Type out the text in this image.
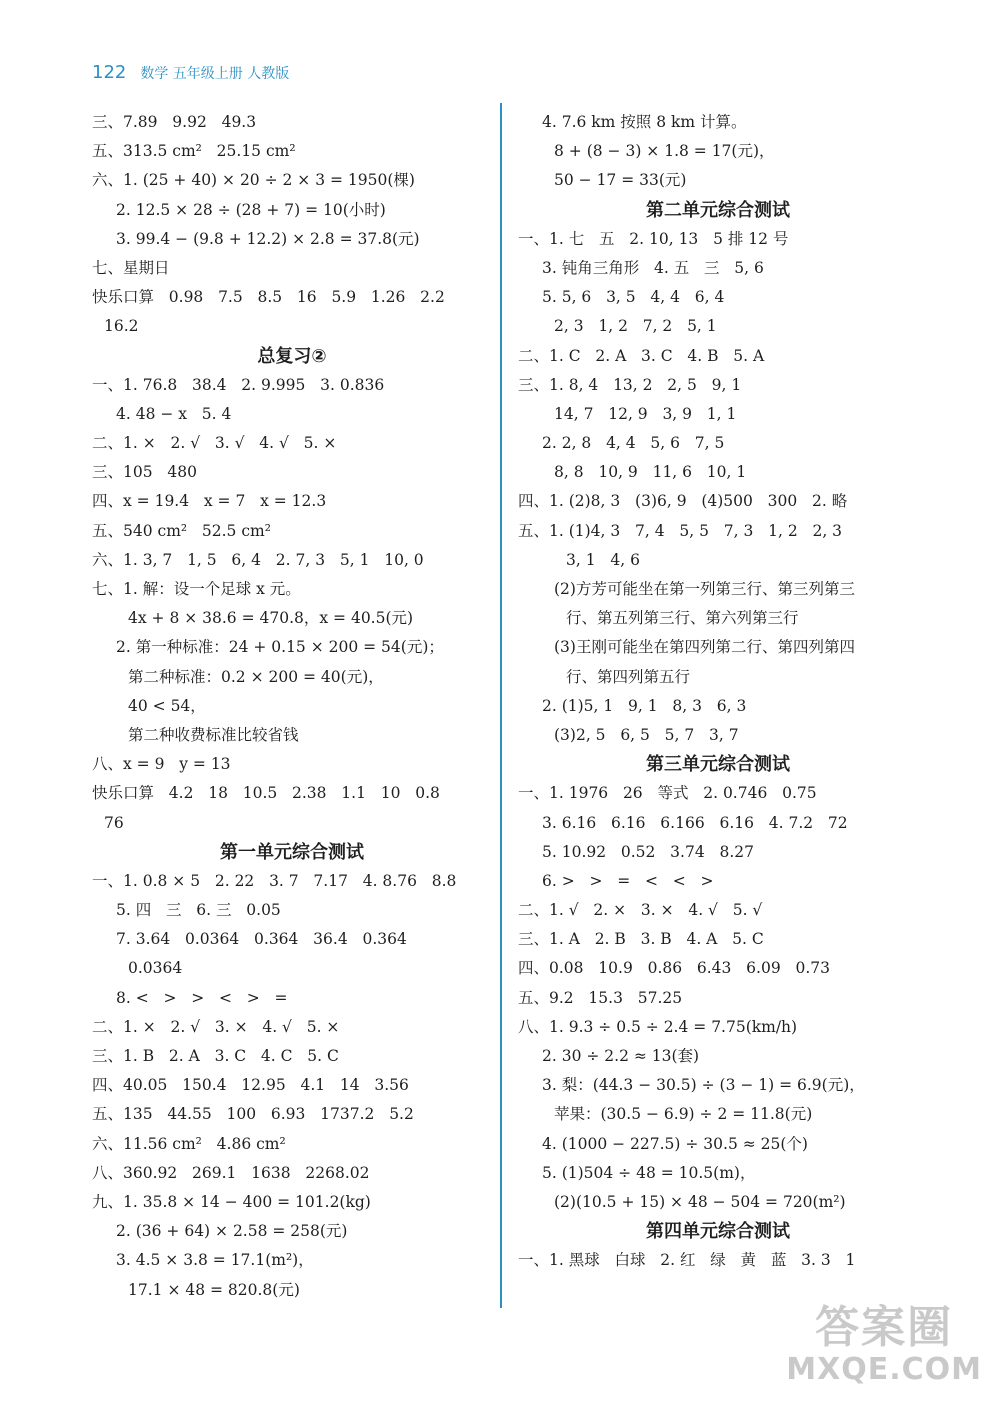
122 数学 五年级上册 人教版
三、7.89   9.92   49.3
五、313.5 cm²   25.15 cm²
六、1. (25 + 40) × 20 ÷ 2 × 3 = 1950(棵)
2. 12.5 × 28 ÷ (28 + 7) = 10(小时)
3. 99.4 − (9.8 + 12.2) × 2.8 = 37.8(元)
七、星期日
快乐口算   0.98   7.5   8.5   16   5.9   1.26   2.2
16.2
总复习②
一、1. 76.8   38.4   2. 9.995   3. 0.836
4. 48 − x   5. 4
二、1. ×   2. √   3. √   4. √   5. ×
三、105   480
四、x = 19.4   x = 7   x = 12.3
五、540 cm²   52.5 cm²
六、1. 3, 7   1, 5   6, 4   2. 7, 3   5, 1   10, 0
七、1. 解：设一个足球 x 元。
4x + 8 × 38.6 = 470.8，x = 40.5(元)
2. 第一种标准：24 + 0.15 × 200 = 54(元)；
第二种标准：0.2 × 200 = 40(元)，
40 < 54，
第二种收费标准比较省钱
八、x = 9   y = 13
快乐口算   4.2   18   10.5   2.38   1.1   10   0.8
76
第一单元综合测试
一、1. 0.8 × 5   2. 22   3. 7   7.17   4. 8.76   8.8
5. 四   三   6. 三   0.05
7. 3.64   0.0364   0.364   36.4   0.364
0.0364
8. <   >   >   <   >   =
二、1. ×   2. √   3. ×   4. √   5. ×
三、1. B   2. A   3. C   4. C   5. C
四、40.05   150.4   12.95   4.1   14   3.56
五、135   44.55   100   6.93   1737.2   5.2
六、11.56 cm²   4.86 cm²
八、360.92   269.1   1638   2268.02
九、1. 35.8 × 14 − 400 = 101.2(kg)
2. (36 + 64) × 2.58 = 258(元)
3. 4.5 × 3.8 = 17.1(m²)，
17.1 × 48 = 820.8(元)
4. 7.6 km 按照 8 km 计算。
8 + (8 − 3) × 1.8 = 17(元)，
50 − 17 = 33(元)
第二单元综合测试
一、1. 七   五   2. 10, 13   5 排 12 号
3. 钝角三角形   4. 五   三   5, 6
5. 5, 6   3, 5   4, 4   6, 4
2, 3   1, 2   7, 2   5, 1
二、1. C   2. A   3. C   4. B   5. A
三、1. 8, 4   13, 2   2, 5   9, 1
14, 7   12, 9   3, 9   1, 1
2. 2, 8   4, 4   5, 6   7, 5
8, 8   10, 9   11, 6   10, 1
四、1. (2)8, 3   (3)6, 9   (4)500   300   2. 略
五、1. (1)4, 3   7, 4   5, 5   7, 3   1, 2   2, 3
3, 1   4, 6
(2)方芳可能坐在第一列第三行、第三列第三
行、第五列第三行、第六列第三行
(3)王刚可能坐在第四列第二行、第四列第四
行、第四列第五行
2. (1)5, 1   9, 1   8, 3   6, 3
(3)2, 5   6, 5   5, 7   3, 7
第三单元综合测试
一、1. 1976   26   等式   2. 0.746   0.75
3. 6.16   6.16   6.166   6.16   4. 7.2   72
5. 10.92   0.52   3.74   8.27
6. >   >   =   <   <   >
二、1. √   2. ×   3. ×   4. √   5. √
三、1. A   2. B   3. B   4. A   5. C
四、0.08   10.9   0.86   6.43   6.09   0.73
五、9.2   15.3   57.25
八、1. 9.3 ÷ 0.5 ÷ 2.4 = 7.75(km/h)
2. 30 ÷ 2.2 ≈ 13(套)
3. 梨：(44.3 − 30.5) ÷ (3 − 1) = 6.9(元)，
苹果：(30.5 − 6.9) ÷ 2 = 11.8(元)
4. (1000 − 227.5) ÷ 30.5 ≈ 25(个)
5. (1)504 ÷ 48 = 10.5(m)，
(2)(10.5 + 15) × 48 − 504 = 720(m²)
第四单元综合测试
一、1. 黑球   白球   2. 红   绿   黄   蓝   3. 3   1
答案圈
MXQE.COM
